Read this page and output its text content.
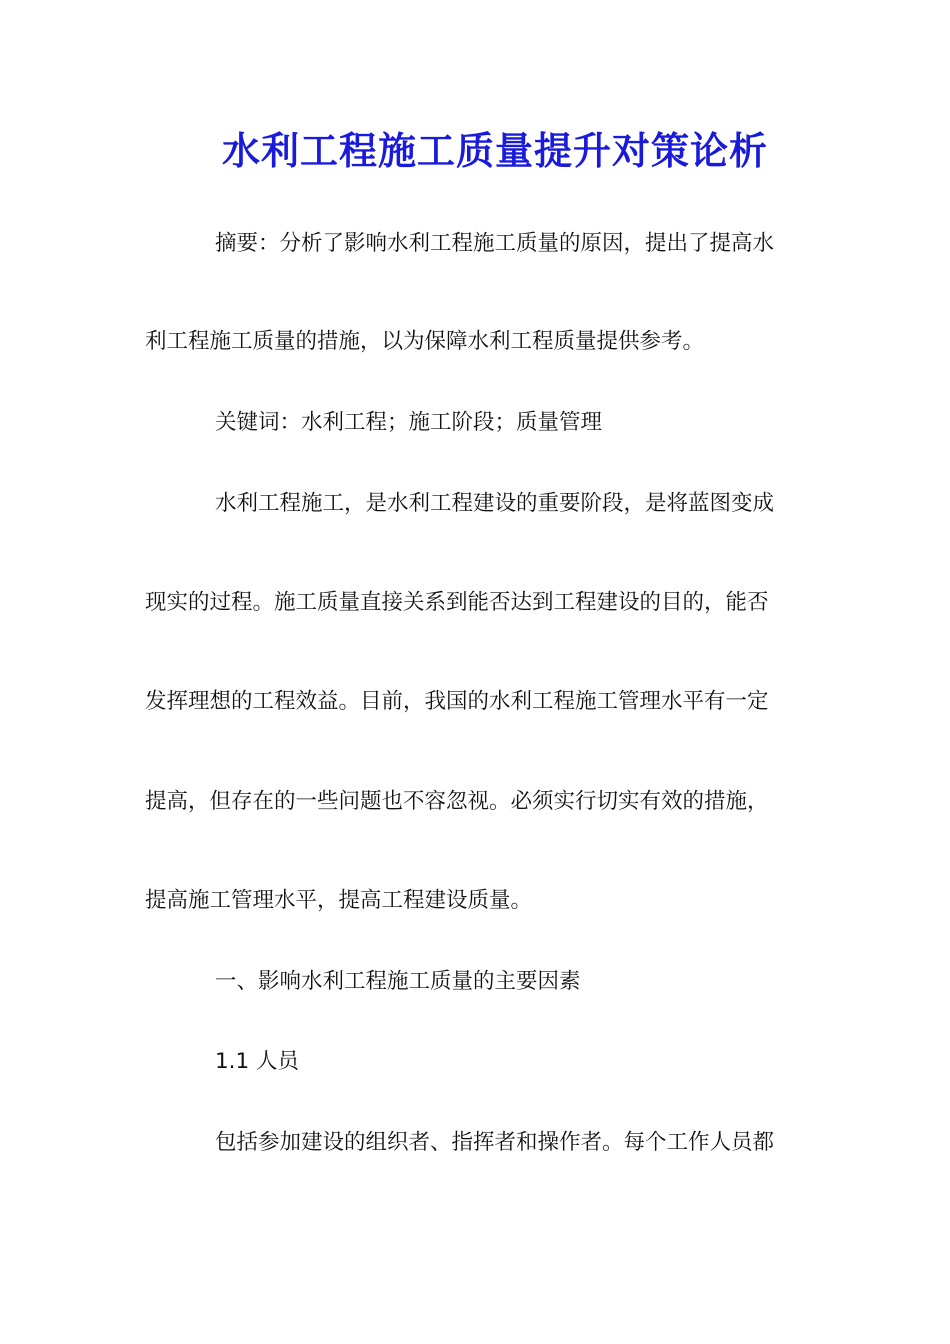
水利工程施工质量提升对策论析
摘要：分析了影响水利工程施工质量的原因，提出了提高水
利工程施工质量的措施，以为保障水利工程质量提供参考。
关键词：水利工程；施工阶段；质量管理
水利工程施工，是水利工程建设的重要阶段，是将蓝图变成
现实的过程。施工质量直接关系到能否达到工程建设的目的，能否
发挥理想的工程效益。目前，我国的水利工程施工管理水平有一定
提高，但存在的一些问题也不容忽视。必须实行切实有效的措施，
提高施工管理水平，提高工程建设质量。
一、影响水利工程施工质量的主要因素
1.1 人员
包括参加建设的组织者、指挥者和操作者。每个工作人员都
